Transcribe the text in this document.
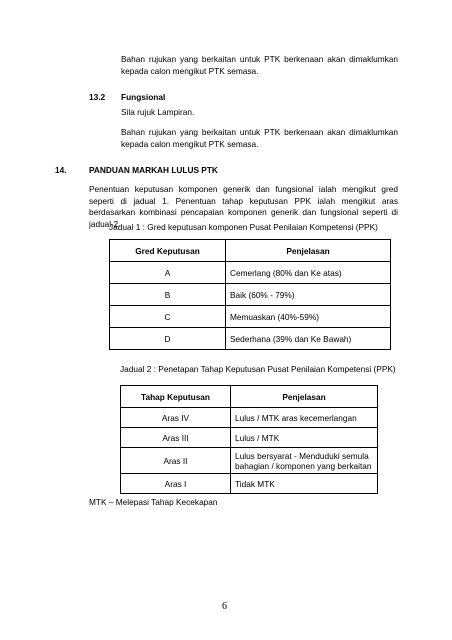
Bahan rujukan yang berkaitan untuk PTK berkenaan akan dimaklumkan kepada calon mengikut PTK semasa.
13.2 Fungsional
Sila rujuk Lampiran.
Bahan rujukan yang berkaitan untuk PTK berkenaan akan dimaklumkan kepada calon mengikut PTK semasa.
14.	PANDUAN MARKAH LULUS PTK
Penentuan keputusan komponen generik dan fungsional ialah mengikut gred seperti di jadual 1. Penentuan tahap keputusan PPK ialah mengikut aras berdasarkan kombinasi pencapaian komponen generik dan fungsional seperti di jadual 2.
Jadual 1 : Gred keputusan komponen Pusat Penilaian Kompetensi (PPK)
Gred Keputusan	Penjelasan
A	Cemerlang (80% dan Ke atas)
B	Baik (60% - 79%)
C	Memuaskan (40%-59%)
D	Sederhana (39% dan Ke Bawah)
Jadual 2 : Penetapan Tahap Keputusan Pusat Penilaian Kompetensi (PPK)
Tahap Keputusan	Penjelasan
Aras IV	Lulus / MTK aras kecemerlangan
Aras III	Lulus / MTK
Aras II	Lulus bersyarat - Menduduki semula bahagian / komponen yang berkaitan
Aras I	Tidak MTK
MTK – Melepasi Tahap Kecekapan
6
